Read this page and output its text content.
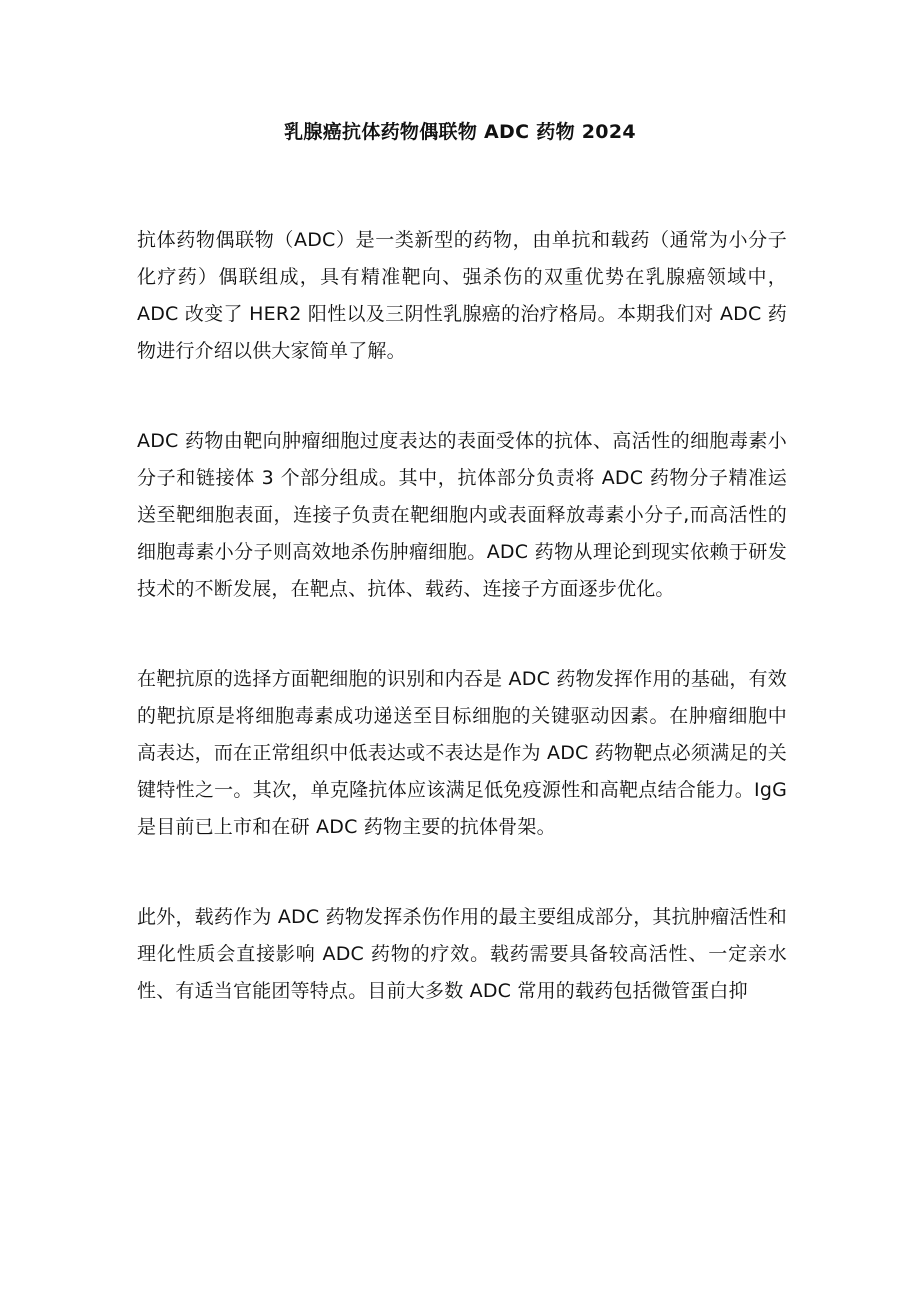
乳腺癌抗体药物偶联物 ADC 药物 2024

抗体药物偶联物（ADC）是一类新型的药物，由单抗和载药（通常为小分子化疗药）偶联组成，具有精准靶向、强杀伤的双重优势在乳腺癌领域中，ADC 改变了 HER2 阳性以及三阴性乳腺癌的治疗格局。本期我们对 ADC 药物进行介绍以供大家简单了解。

ADC 药物由靶向肿瘤细胞过度表达的表面受体的抗体、高活性的细胞毒素小分子和链接体 3 个部分组成。其中，抗体部分负责将 ADC 药物分子精准运送至靶细胞表面，连接子负责在靶细胞内或表面释放毒素小分子,而高活性的细胞毒素小分子则高效地杀伤肿瘤细胞。ADC 药物从理论到现实依赖于研发技术的不断发展，在靶点、抗体、载药、连接子方面逐步优化。

在靶抗原的选择方面靶细胞的识别和内吞是 ADC 药物发挥作用的基础，有效的靶抗原是将细胞毒素成功递送至目标细胞的关键驱动因素。在肿瘤细胞中高表达，而在正常组织中低表达或不表达是作为 ADC 药物靶点必须满足的关键特性之一。其次，单克隆抗体应该满足低免疫源性和高靶点结合能力。IgG 是目前已上市和在研 ADC 药物主要的抗体骨架。

此外，载药作为 ADC 药物发挥杀伤作用的最主要组成部分，其抗肿瘤活性和理化性质会直接影响 ADC 药物的疗效。载药需要具备较高活性、一定亲水性、有适当官能团等特点。目前大多数 ADC 常用的载药包括微管蛋白抑
